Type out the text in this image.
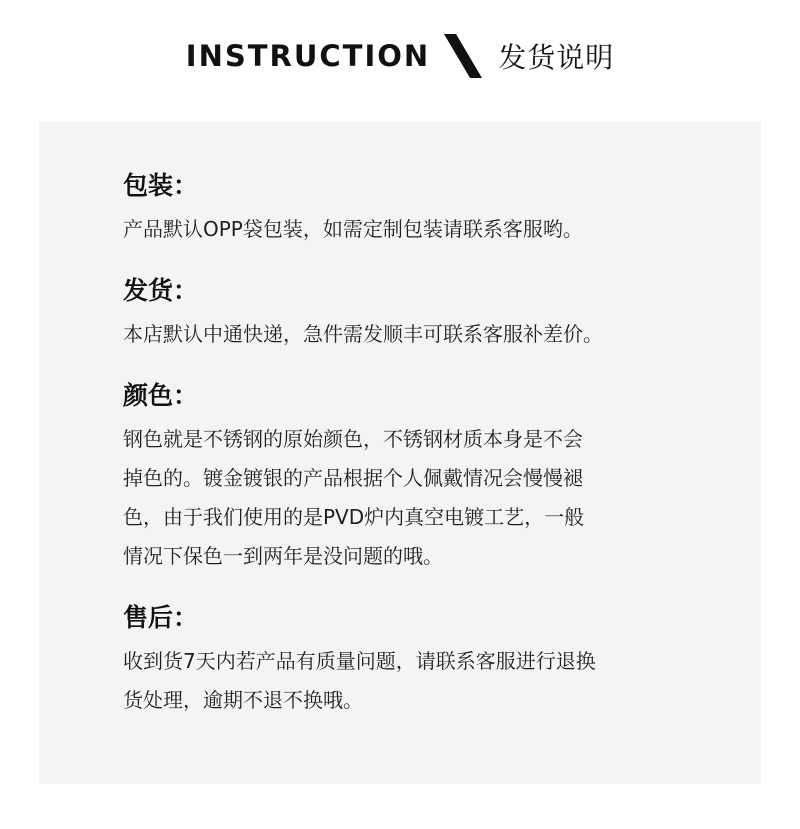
INSTRUCTION 发货说明
包装：
产品默认OPP袋包装，如需定制包装请联系客服哟。
发货：
本店默认中通快递，急件需发顺丰可联系客服补差价。
颜色：
钢色就是不锈钢的原始颜色，不锈钢材质本身是不会
掉色的。镀金镀银的产品根据个人佩戴情况会慢慢褪
色，由于我们使用的是PVD炉内真空电镀工艺，一般
情况下保色一到两年是没问题的哦。
售后：
收到货7天内若产品有质量问题，请联系客服进行退换
货处理，逾期不退不换哦。
